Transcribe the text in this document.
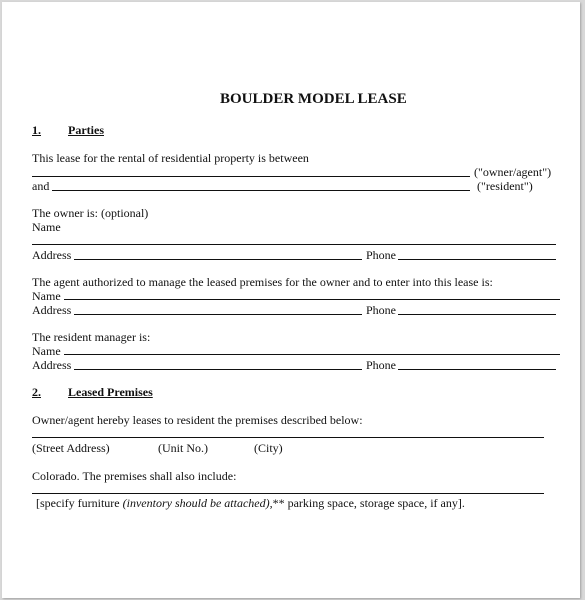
BOULDER MODEL LEASE
1. Parties
This lease for the rental of residential property is between
("owner/agent")
and	("resident")
The owner is: (optional)
Name
Address	Phone
The agent authorized to manage the leased premises for the owner and to enter into this lease is:
Name
Address	Phone
The resident manager is:
Name
Address	Phone
2. Leased Premises
Owner/agent hereby leases to resident the premises described below:
(Street Address)	(Unit No.)	(City)
Colorado. The premises shall also include:
[specify furniture (inventory should be attached),** parking space, storage space, if any].
